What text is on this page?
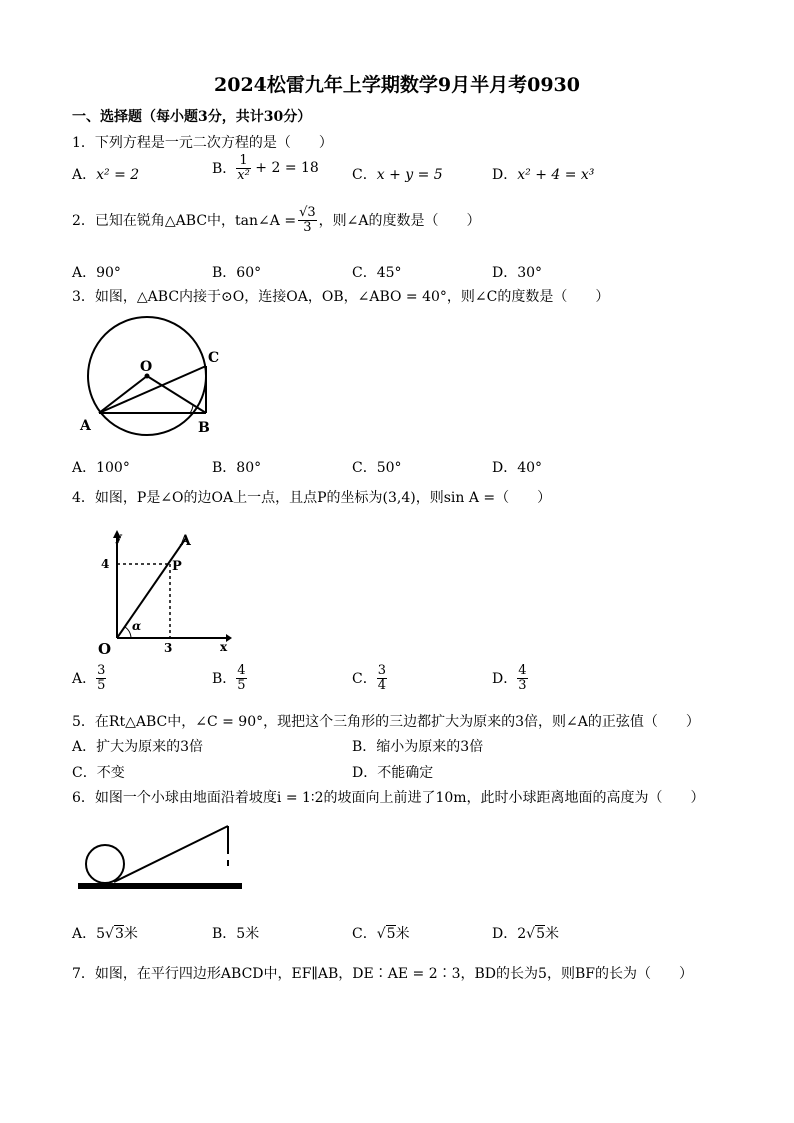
2024松雷九年上学期数学9月半月考0930
一、选择题（每小题3分，共计30分）
1．下列方程是一元二次方程的是（　　）
A．x² = 2	B． $\frac{1}{\text{x²}} + 2 = 18$ C．x + y = 5	D．x² + 4 = x³
2．已知在锐角△ABC中，tan∠A = $\frac{√3}{3}$ ，则∠A的度数是（　　）
A．90°	B．60°	C．45°	D．30°
3．如图，△ABC内接于⊙O，连接OA，OB，∠ABO = 40°，则∠C的度数是（　　）
O
A	B
C
A．100°	B．80°	C．50°	D．40°
4．如图，P是∠O的边OA上一点，且点P的坐标为(3,4)，则sin A =（　　）
y
x
A
P
O
4
3
α
A． $\frac{3}{5}$	B． $\frac{4}{5}$	C． $\frac{3}{4}$	D． $\frac{4}{3}$
5．在Rt△ABC中，∠C = 90°，现把这个三角形的三边都扩大为原来的3倍，则∠A的正弦值（　　）
A．扩大为原来的3倍	B．缩小为原来的3倍
C．不变	D．不能确定
6．如图一个小球由地面沿着坡度i = 1∶2的坡面向上前进了10m，此时小球距离地面的高度为（　　）
A．5√3米	B．5米	C．√5米	D．2√5米
7．如图，在平行四边形ABCD中，EF∥AB，DE∶AE = 2∶3，BD的长为5，则BF的长为（　　）
